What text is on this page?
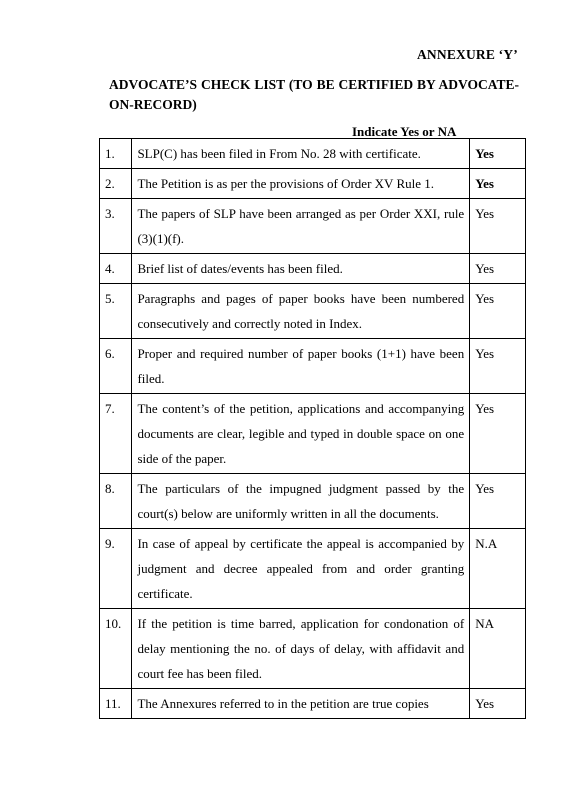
ANNEXURE ‘Y’
ADVOCATE’S CHECK LIST (TO BE CERTIFIED BY ADVOCATE-ON-RECORD)
Indicate Yes or NA
1.	SLP(C) has been filed in From No. 28 with certificate.	Yes
2.	The Petition is as per the provisions of Order XV Rule 1.	Yes
3.	The papers of SLP have been arranged as per Order XXI, rule (3)(1)(f).	Yes
4.	Brief list of dates/events has been filed.	Yes
5.	Paragraphs and pages of paper books have been numbered consecutively and correctly noted in Index.	Yes
6.	Proper and required number of paper books (1+1) have been filed.	Yes
7.	The content’s of the petition, applications and accompanying documents are clear, legible and typed in double space on one side of the paper.	Yes
8.	The particulars of the impugned judgment passed by the court(s) below are uniformly written in all the documents.	Yes
9.	In case of appeal by certificate the appeal is accompanied by judgment and decree appealed from and order granting certificate.	N.A
10.	If the petition is time barred, application for condonation of delay mentioning the no. of days of delay, with affidavit and court fee has been filed.	NA
11.	The Annexures referred to in the petition are true copies	Yes
